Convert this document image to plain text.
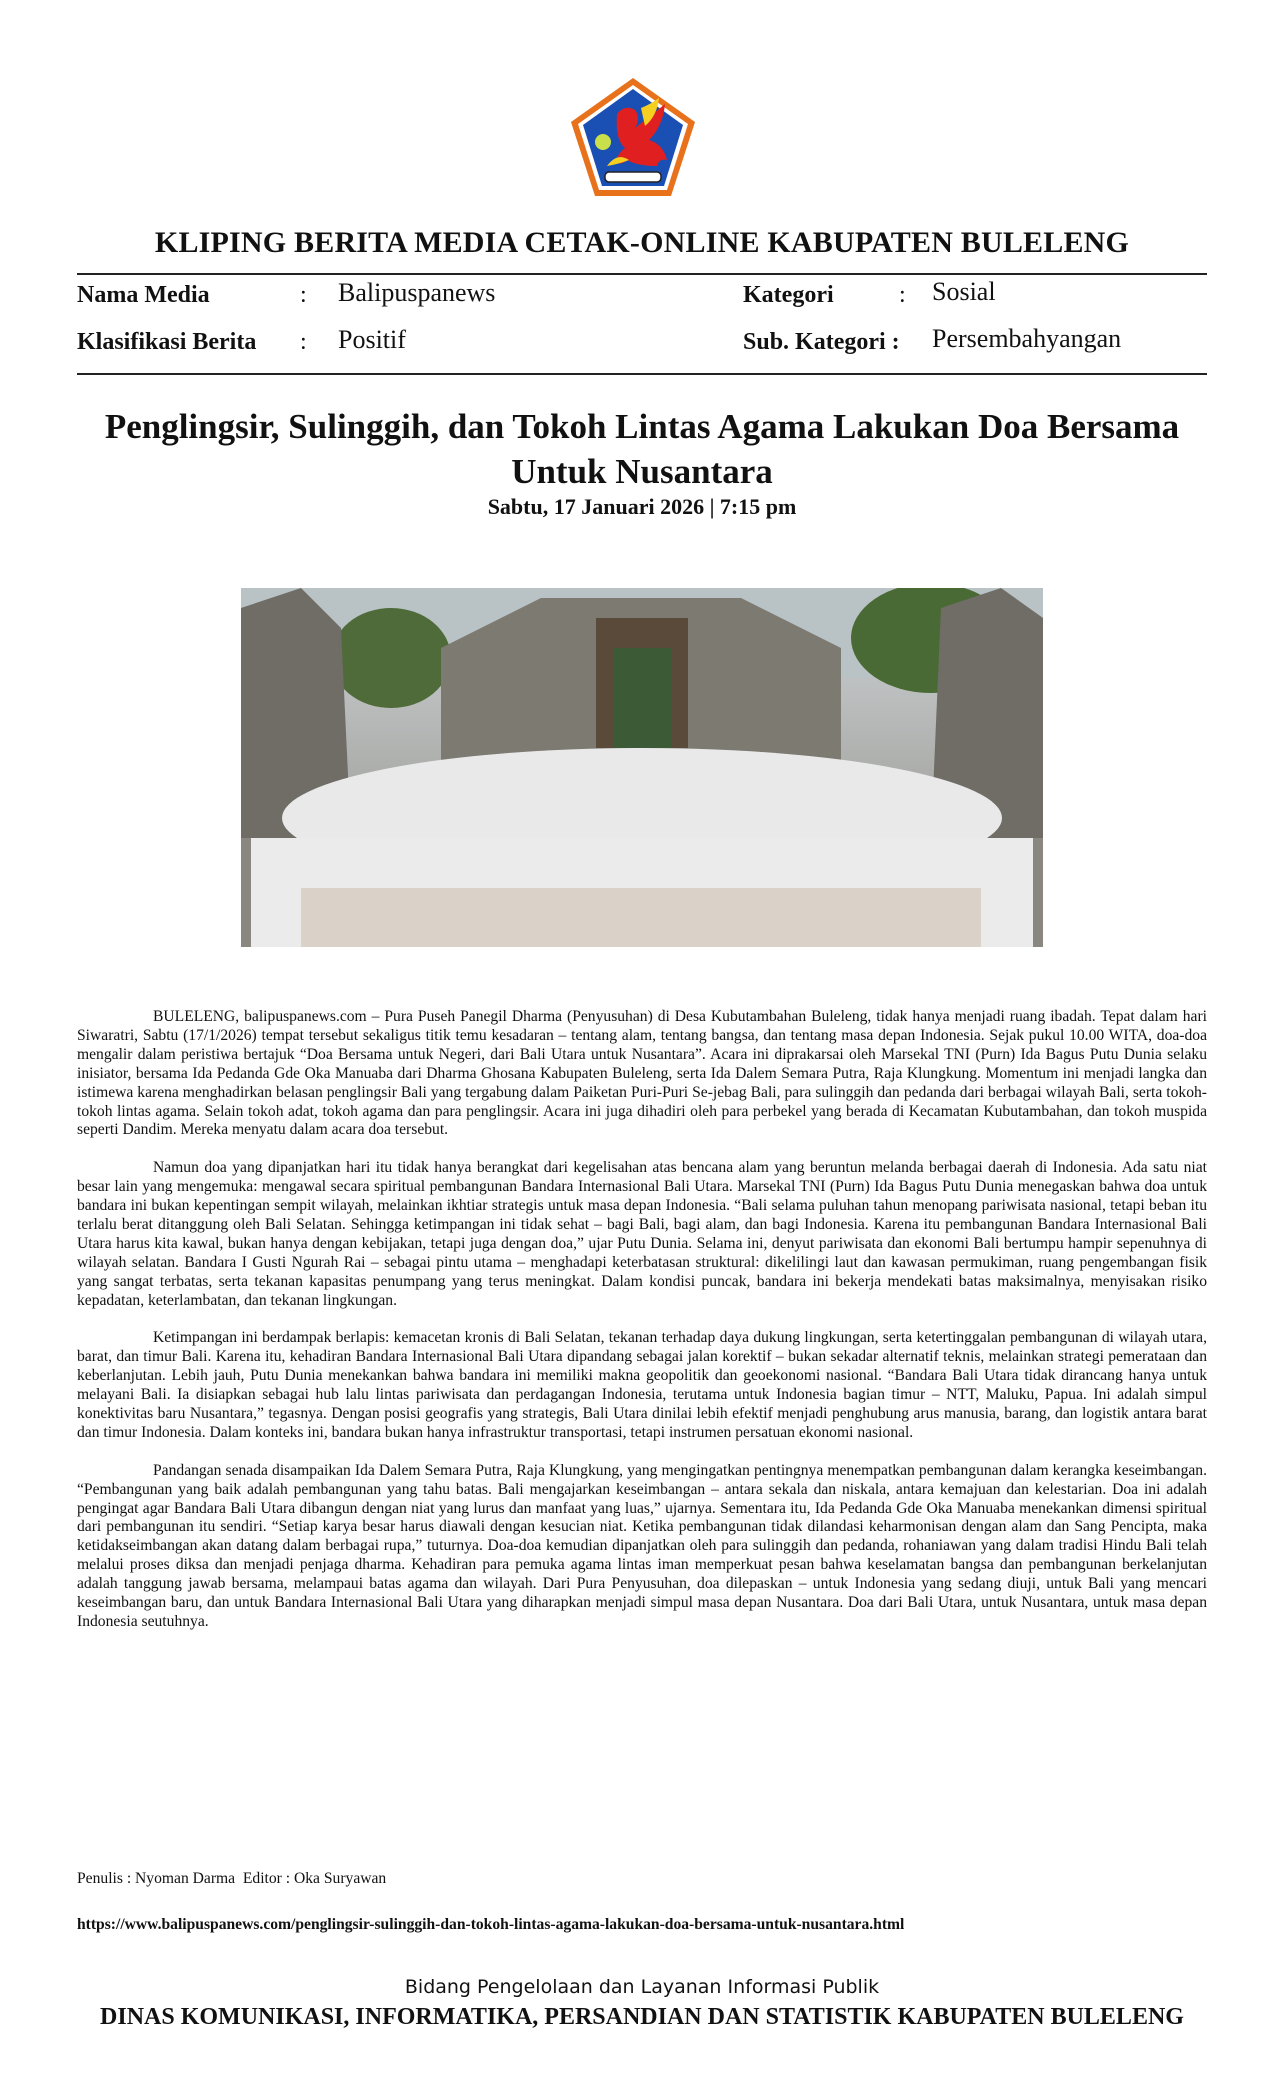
KLIPING BERITA MEDIA CETAK-ONLINE KABUPATEN BULELENG
Nama Media	: Balipuspanews
Klasifikasi Berita : Positif
Kategori	: Sosial
Sub. Kategori : Persembahyangan
Penglingsir, Sulinggih, dan Tokoh Lintas Agama Lakukan Doa Bersama
Untuk Nusantara
Sabtu, 17 Januari 2026 | 7:15 pm

BULELENG, balipuspanews.com – Pura Puseh Panegil Dharma (Penyusuhan) di Desa Kubutambahan Buleleng, tidak hanya menjadi ruang ibadah. Tepat dalam hari Siwaratri, Sabtu (17/1/2026) tempat tersebut sekaligus titik temu kesadaran – tentang alam, tentang bangsa, dan tentang masa depan Indonesia. Sejak pukul 10.00 WITA, doa-doa mengalir dalam peristiwa bertajuk “Doa Bersama untuk Negeri, dari Bali Utara untuk Nusantara”. Acara ini diprakarsai oleh Marsekal TNI (Purn) Ida Bagus Putu Dunia selaku inisiator, bersama Ida Pedanda Gde Oka Manuaba dari Dharma Ghosana Kabupaten Buleleng, serta Ida Dalem Semara Putra, Raja Klungkung. Momentum ini menjadi langka dan istimewa karena menghadirkan belasan penglingsir Bali yang tergabung dalam Paiketan Puri-Puri Se-jebag Bali, para sulinggih dan pedanda dari berbagai wilayah Bali, serta tokoh-tokoh lintas agama. Selain tokoh adat, tokoh agama dan para penglingsir. Acara ini juga dihadiri oleh para perbekel yang berada di Kecamatan Kubutambahan, dan tokoh muspida seperti Dandim. Mereka menyatu dalam acara doa tersebut.

Namun doa yang dipanjatkan hari itu tidak hanya berangkat dari kegelisahan atas bencana alam yang beruntun melanda berbagai daerah di Indonesia. Ada satu niat besar lain yang mengemuka: mengawal secara spiritual pembangunan Bandara Internasional Bali Utara. Marsekal TNI (Purn) Ida Bagus Putu Dunia menegaskan bahwa doa untuk bandara ini bukan kepentingan sempit wilayah, melainkan ikhtiar strategis untuk masa depan Indonesia. “Bali selama puluhan tahun menopang pariwisata nasional, tetapi beban itu terlalu berat ditanggung oleh Bali Selatan. Sehingga ketimpangan ini tidak sehat – bagi Bali, bagi alam, dan bagi Indonesia. Karena itu pembangunan Bandara Internasional Bali Utara harus kita kawal, bukan hanya dengan kebijakan, tetapi juga dengan doa,” ujar Putu Dunia. Selama ini, denyut pariwisata dan ekonomi Bali bertumpu hampir sepenuhnya di wilayah selatan. Bandara I Gusti Ngurah Rai – sebagai pintu utama – menghadapi keterbatasan struktural: dikelilingi laut dan kawasan permukiman, ruang pengembangan fisik yang sangat terbatas, serta tekanan kapasitas penumpang yang terus meningkat. Dalam kondisi puncak, bandara ini bekerja mendekati batas maksimalnya, menyisakan risiko kepadatan, keterlambatan, dan tekanan lingkungan.

Ketimpangan ini berdampak berlapis: kemacetan kronis di Bali Selatan, tekanan terhadap daya dukung lingkungan, serta ketertinggalan pembangunan di wilayah utara, barat, dan timur Bali. Karena itu, kehadiran Bandara Internasional Bali Utara dipandang sebagai jalan korektif – bukan sekadar alternatif teknis, melainkan strategi pemerataan dan keberlanjutan. Lebih jauh, Putu Dunia menekankan bahwa bandara ini memiliki makna geopolitik dan geoekonomi nasional. “Bandara Bali Utara tidak dirancang hanya untuk melayani Bali. Ia disiapkan sebagai hub lalu lintas pariwisata dan perdagangan Indonesia, terutama untuk Indonesia bagian timur – NTT, Maluku, Papua. Ini adalah simpul konektivitas baru Nusantara,” tegasnya. Dengan posisi geografis yang strategis, Bali Utara dinilai lebih efektif menjadi penghubung arus manusia, barang, dan logistik antara barat dan timur Indonesia. Dalam konteks ini, bandara bukan hanya infrastruktur transportasi, tetapi instrumen persatuan ekonomi nasional.

Pandangan senada disampaikan Ida Dalem Semara Putra, Raja Klungkung, yang mengingatkan pentingnya menempatkan pembangunan dalam kerangka keseimbangan. “Pembangunan yang baik adalah pembangunan yang tahu batas. Bali mengajarkan keseimbangan – antara sekala dan niskala, antara kemajuan dan kelestarian. Doa ini adalah pengingat agar Bandara Bali Utara dibangun dengan niat yang lurus dan manfaat yang luas,” ujarnya. Sementara itu, Ida Pedanda Gde Oka Manuaba menekankan dimensi spiritual dari pembangunan itu sendiri. “Setiap karya besar harus diawali dengan kesucian niat. Ketika pembangunan tidak dilandasi keharmonisan dengan alam dan Sang Pencipta, maka ketidakseimbangan akan datang dalam berbagai rupa,” tuturnya. Doa-doa kemudian dipanjatkan oleh para sulinggih dan pedanda, rohaniawan yang dalam tradisi Hindu Bali telah melalui proses diksa dan menjadi penjaga dharma. Kehadiran para pemuka agama lintas iman memperkuat pesan bahwa keselamatan bangsa dan pembangunan berkelanjutan adalah tanggung jawab bersama, melampaui batas agama dan wilayah. Dari Pura Penyusuhan, doa dilepaskan – untuk Indonesia yang sedang diuji, untuk Bali yang mencari keseimbangan baru, dan untuk Bandara Internasional Bali Utara yang diharapkan menjadi simpul masa depan Nusantara. Doa dari Bali Utara, untuk Nusantara, untuk masa depan Indonesia seutuhnya.

Penulis : Nyoman Darma  Editor : Oka Suryawan
https://www.balipuspanews.com/penglingsir-sulinggih-dan-tokoh-lintas-agama-lakukan-doa-bersama-untuk-nusantara.html
Bidang Pengelolaan dan Layanan Informasi Publik
DINAS KOMUNIKASI, INFORMATIKA, PERSANDIAN DAN STATISTIK KABUPATEN BULELENG
